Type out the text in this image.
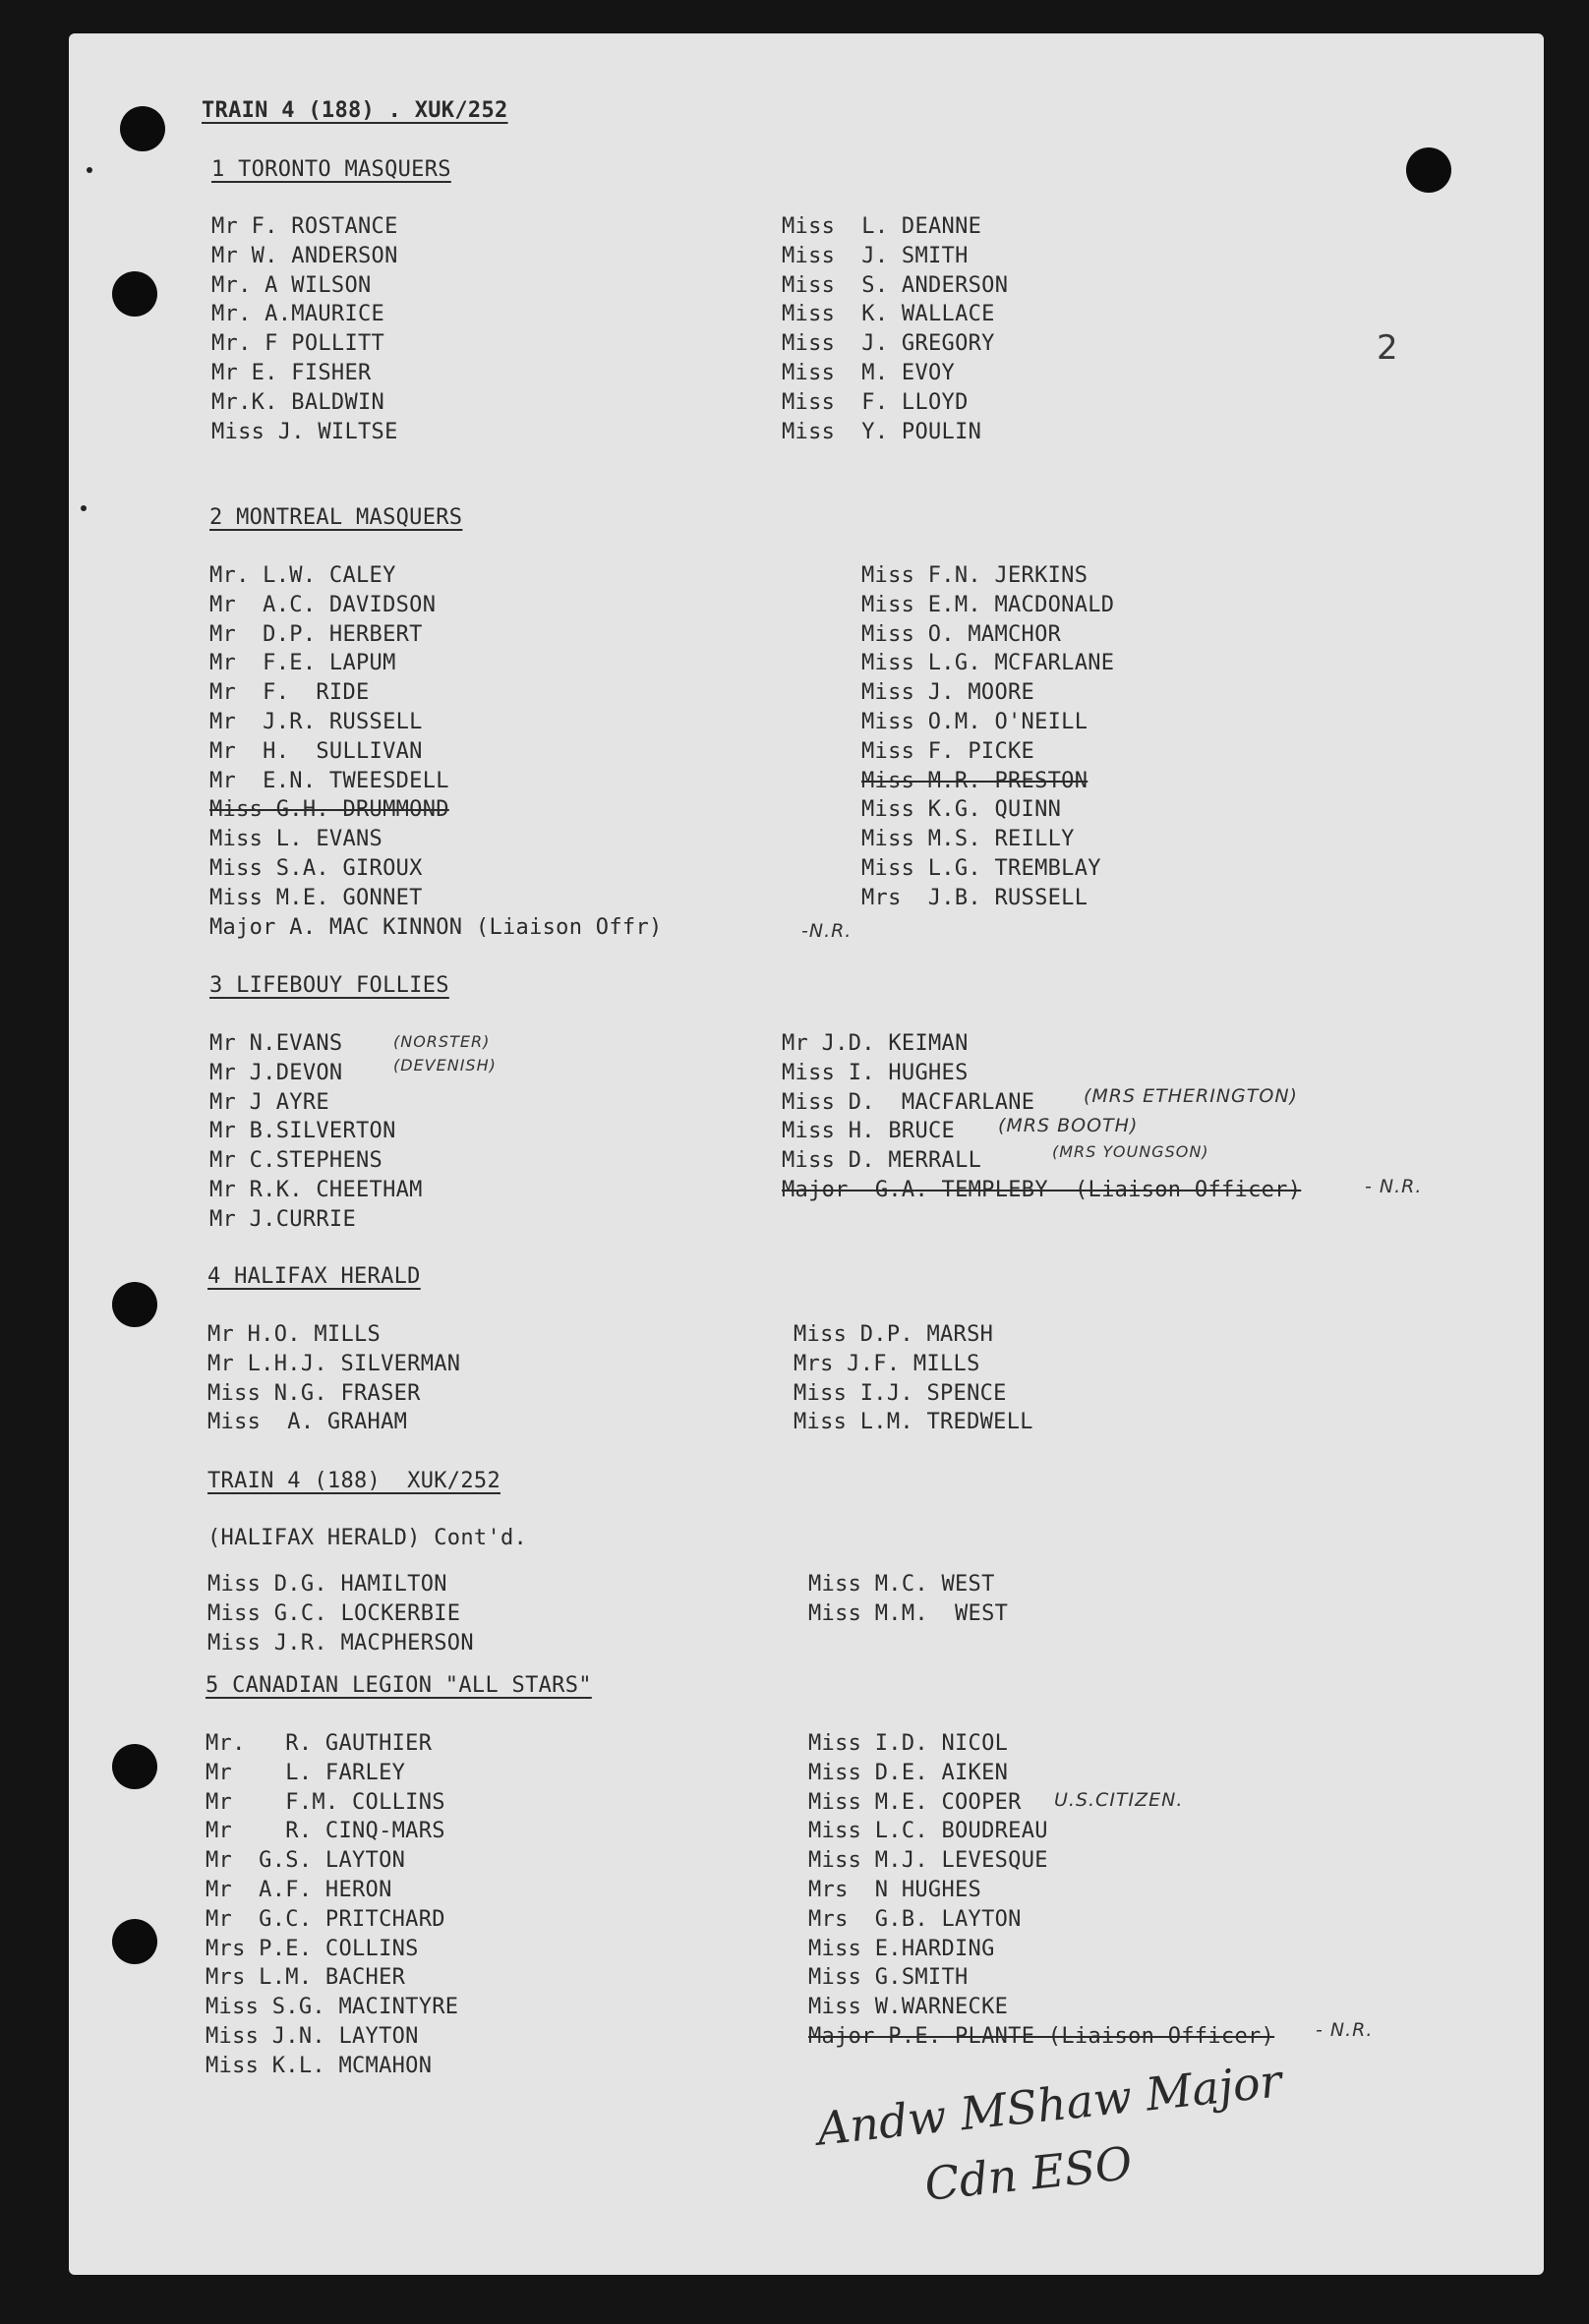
2
TRAIN 4 (188) . XUK/252
1 TORONTO MASQUERS
Mr F. ROSTANCE
Mr W. ANDERSON
Mr. A WILSON
Mr. A.MAURICE
Mr. F POLLITT
Mr E. FISHER
Mr.K. BALDWIN
Miss J. WILTSE
Miss  L. DEANNE
Miss  J. SMITH
Miss  S. ANDERSON
Miss  K. WALLACE
Miss  J. GREGORY
Miss  M. EVOY
Miss  F. LLOYD
Miss  Y. POULIN
2 MONTREAL MASQUERS
Mr. L.W. CALEY
Mr  A.C. DAVIDSON
Mr  D.P. HERBERT
Mr  F.E. LAPUM
Mr  F.  RIDE
Mr  J.R. RUSSELL
Mr  H.  SULLIVAN
Mr  E.N. TWEESDELL
Miss G.H. DRUMMOND
Miss L. EVANS
Miss S.A. GIROUX
Miss M.E. GONNET
Major A. MAC KINNON (Liaison Offr)
Miss F.N. JERKINS
Miss E.M. MACDONALD
Miss O. MAMCHOR
Miss L.G. MCFARLANE
Miss J. MOORE
Miss O.M. O'NEILL
Miss F. PICKE
Miss M.R. PRESTON
Miss K.G. QUINN
Miss M.S. REILLY
Miss L.G. TREMBLAY
Mrs  J.B. RUSSELL
3 LIFEBOUY FOLLIES
Mr N.EVANS
Mr J.DEVON
Mr J AYRE
Mr B.SILVERTON
Mr C.STEPHENS
Mr R.K. CHEETHAM
Mr J.CURRIE
Mr J.D. KEIMAN
Miss I. HUGHES
Miss D.  MACFARLANE
Miss H. BRUCE
Miss D. MERRALL
Major  G.A. TEMPLEBY  (Liaison Officer)
4 HALIFAX HERALD
Mr H.O. MILLS
Mr L.H.J. SILVERMAN
Miss N.G. FRASER
Miss  A. GRAHAM
Miss D.P. MARSH
Mrs J.F. MILLS
Miss I.J. SPENCE
Miss L.M. TREDWELL
TRAIN 4 (188)  XUK/252
(HALIFAX HERALD) Cont'd.
Miss D.G. HAMILTON
Miss G.C. LOCKERBIE
Miss J.R. MACPHERSON
Miss M.C. WEST
Miss M.M.  WEST
5 CANADIAN LEGION "ALL STARS"
Mr.   R. GAUTHIER
Mr    L. FARLEY
Mr    F.M. COLLINS
Mr    R. CINQ-MARS
Mr  G.S. LAYTON
Mr  A.F. HERON
Mr  G.C. PRITCHARD
Mrs P.E. COLLINS
Mrs L.M. BACHER
Miss S.G. MACINTYRE
Miss J.N. LAYTON
Miss K.L. MCMAHON
Miss I.D. NICOL
Miss D.E. AIKEN
Miss M.E. COOPER
Miss L.C. BOUDREAU
Miss M.J. LEVESQUE
Mrs  N HUGHES
Mrs  G.B. LAYTON
Miss E.HARDING
Miss G.SMITH
Miss W.WARNECKE
Major P.E. PLANTE (Liaison Officer)
-N.R.
(NORSTER)
(DEVENISH)
(MRS ETHERINGTON)
(MRS BOOTH)
(MRS YOUNGSON)
- N.R.
U.S.CITIZEN.
- N.R.
Andw MShaw Major
Cdn ESO
